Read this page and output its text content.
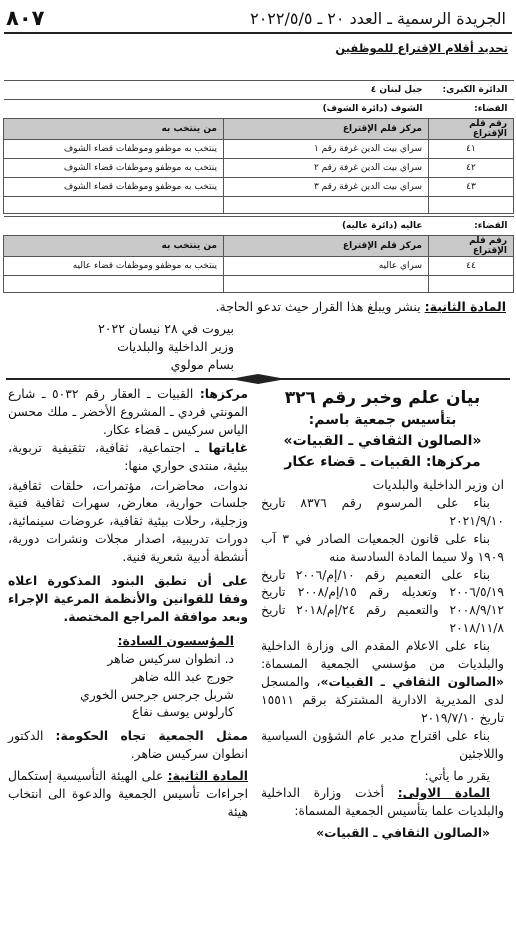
الجريدة الرسمية ـ العدد ٢٠ ـ ٢٠٢٢/٥/٥
٨٠٧
تحديد أقلام الإقتراع للموظفين
الدائرة الكبرى:	جبل لبنان ٤	
القضاء:	الشوف (دائرة الشوف)	
رقم قلم الإقتراع	مركز قلم الإقتراع	من ينتخب به
٤١	سراي بيت الدين غرفة رقم ١	ينتخب به موظفو وموظفات قضاء الشوف
٤٢	سراي بيت الدين غرفة رقم ٢	ينتخب به موظفو وموظفات قضاء الشوف
٤٣	سراي بيت الدين غرفة رقم ٣	ينتخب به موظفو وموظفات قضاء الشوف

القضاء:	عاليه (دائرة عاليه)	
رقم قلم الإقتراع	مركز قلم الإقتراع	من ينتخب به
٤٤	سراي عاليه	ينتخب به موظفو وموظفات قضاء عاليه

المادة الثانية: ينشر ويبلغ هذا القرار حيث تدعو الحاجة.

بيروت في ٢٨ نيسان ٢٠٢٢

وزير الداخلية والبلديات

بسام مولوي

بيان علم وخبر رقم ٣٢٦

بتأسيس جمعية باسم:

«الصالون الثقافي ـ القبيات»

مركزها: القبيات ـ قضاء عكار

ان وزير الداخلية والبلديات

بناء على المرسوم رقم ٨٣٧٦ تاريخ ٢٠٢١/٩/١٠

بناء على قانون الجمعيات الصادر في ٣ آب ١٩٠٩ ولا سيما المادة السادسة منه

بناء على التعميم رقم ١٠/إم/٢٠٠٦ تاريخ ٢٠٠٦/٥/١٩ وتعديله رقم ١٥/إم/٢٠٠٨ تاريخ ٢٠٠٨/٩/١٢ والتعميم رقم ٢٤/إم/٢٠١٨ تاريخ ٢٠١٨/١١/٨

بناء على الاعلام المقدم الى وزارة الداخلية والبلديات من مؤسسي الجمعية المسماة: «الصالون الثقافي ـ القبيات»، والمسجل لدى المديرية الادارية المشتركة برقم ١٥٥١١ تاريخ ٢٠١٩/٧/١٠

بناء على اقتراح مدير عام الشؤون السياسية واللاجئين

يقرر ما يأتي:

المادة الاولى: أخذت وزارة الداخلية والبلديات علما بتأسيس الجمعية المسماة:

«الصالون الثقافي ـ القبيات»

مركزها: القبيات ـ العقار رقم ٥٠٣٢ ـ شارع المونتي فردي ـ المشروع الأخضر ـ ملك محسن الياس سركيس ـ قضاء عكار.

غاياتها ـ اجتماعية، ثقافية، تثقيفية تربوية، بيئية، منتدى حواري منها:

ندوات، محاضرات، مؤتمرات، حلقات ثقافية، جلسات حوارية، معارض، سهرات ثقافية فنية وزجلية، رحلات بيئية ثقافية، عروضات سينمائية، دورات تدريبية، اصدار مجلات ونشرات دورية، أنشطة أدبية شعرية فنية.

على أن تطبق البنود المذكورة اعلاه وفقا للقوانين والأنظمة المرعية الإجراء وبعد موافقة المراجع المختصة.

المؤسسون السادة:

د. انطوان سركيس ضاهر

جورج عبد الله ضاهر

شربل جرجس جرجس الخوري

كارلوس يوسف نفاع

ممثل الجمعية تجاه الحكومة: الدكتور انطوان سركيس ضاهر.

المادة الثانية: على الهيئة التأسيسية إستكمال اجراءات تأسيس الجمعية والدعوة الى انتخاب هيئة
